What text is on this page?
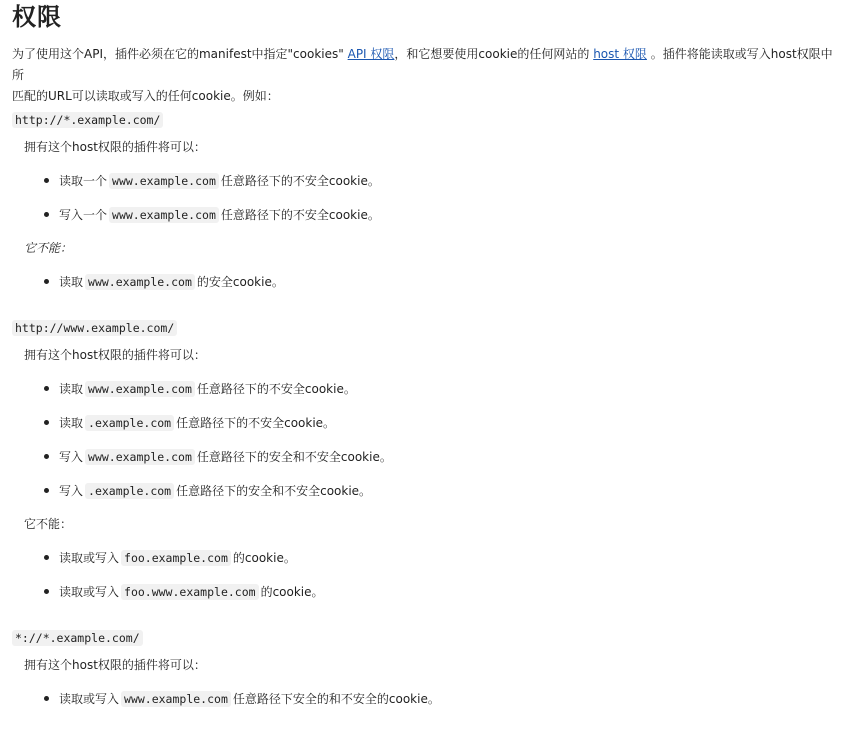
权限

为了使用这个API，插件必须在它的manifest中指定"cookies" API 权限，和它想要使用cookie的任何网站的 host 权限 。插件将能读取或写入host权限中所
匹配的URL可以读取或写入的任何cookie。例如：

http://*.example.com/
拥有这个host权限的插件将可以：
读取一个 www.example.com 任意路径下的不安全cookie。
写入一个 www.example.com 任意路径下的不安全cookie。
它不能：
读取 www.example.com 的安全cookie。
http://www.example.com/
拥有这个host权限的插件将可以：
读取 www.example.com 任意路径下的不安全cookie。
读取 .example.com 任意路径下的不安全cookie。
写入 www.example.com 任意路径下的安全和不安全cookie。
写入 .example.com 任意路径下的安全和不安全cookie。
它不能：
读取或写入 foo.example.com 的cookie。
读取或写入 foo.www.example.com 的cookie。
*://*.example.com/
拥有这个host权限的插件将可以：
读取或写入 www.example.com 任意路径下安全的和不安全的cookie。
